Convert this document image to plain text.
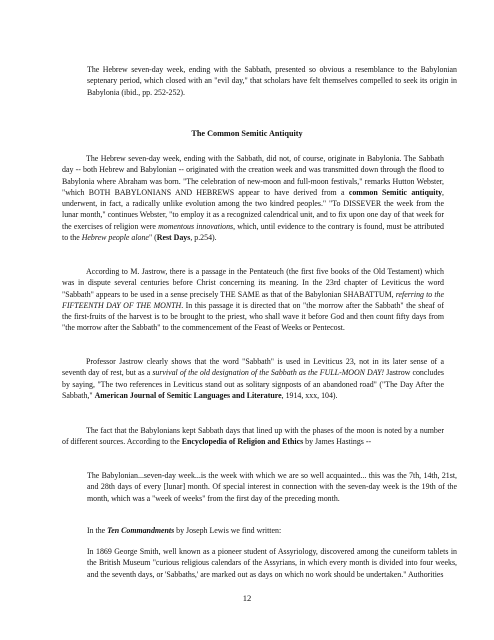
The Hebrew seven-day week, ending with the Sabbath, presented so obvious a resemblance to the Babylonian septenary period, which closed with an "evil day," that scholars have felt themselves compelled to seek its origin in Babylonia (ibid., pp. 252-252).

The Common Semitic Antiquity

The Hebrew seven-day week, ending with the Sabbath, did not, of course, originate in Babylonia. The Sabbath day -- both Hebrew and Babylonian -- originated with the creation week and was transmitted down through the flood to Babylonia where Abraham was born. "The celebration of new-moon and full-moon festivals," remarks Hutton Webster, "which BOTH BABYLONIANS AND HEBREWS appear to have derived from a common Semitic antiquity, underwent, in fact, a radically unlike evolution among the two kindred peoples." "To DISSEVER the week from the lunar month," continues Webster, "to employ it as a recognized calendrical unit, and to fix upon one day of that week for the exercises of religion were momentous innovations, which, until evidence to the contrary is found, must be attributed to the Hebrew people alone" (Rest Days, p.254).

According to M. Jastrow, there is a passage in the Pentateuch (the first five books of the Old Testament) which was in dispute several centuries before Christ concerning its meaning. In the 23rd chapter of Leviticus the word "Sabbath" appears to be used in a sense precisely THE SAME as that of the Babylonian SHABATTUM, referring to the FIFTEENTH DAY OF THE MONTH. In this passage it is directed that on "the morrow after the Sabbath" the sheaf of the first-fruits of the harvest is to be brought to the priest, who shall wave it before God and then count fifty days from "the morrow after the Sabbath" to the commencement of the Feast of Weeks or Pentecost.

Professor Jastrow clearly shows that the word "Sabbath" is used in Leviticus 23, not in its later sense of a seventh day of rest, but as a survival of the old designation of the Sabbath as the FULL-MOON DAY! Jastrow concludes by saying, "The two references in Leviticus stand out as solitary signposts of an abandoned road" ("The Day After the Sabbath," American Journal of Semitic Languages and Literature, 1914, xxx, 104).

The fact that the Babylonians kept Sabbath days that lined up with the phases of the moon is noted by a number of different sources. According to the Encyclopedia of Religion and Ethics by James Hastings --

The Babylonian...seven-day week...is the week with which we are so well acquainted... this was the 7th, 14th, 21st, and 28th days of every [lunar] month. Of special interest in connection with the seven-day week is the 19th of the month, which was a "week of weeks" from the first day of the preceding month.

In the Ten Commandments by Joseph Lewis we find written:

In 1869 George Smith, well known as a pioneer student of Assyriology, discovered among the cuneiform tablets in the British Museum "curious religious calendars of the Assyrians, in which every month is divided into four weeks, and the seventh days, or 'Sabbaths,' are marked out as days on which no work should be undertaken." Authorities

12
